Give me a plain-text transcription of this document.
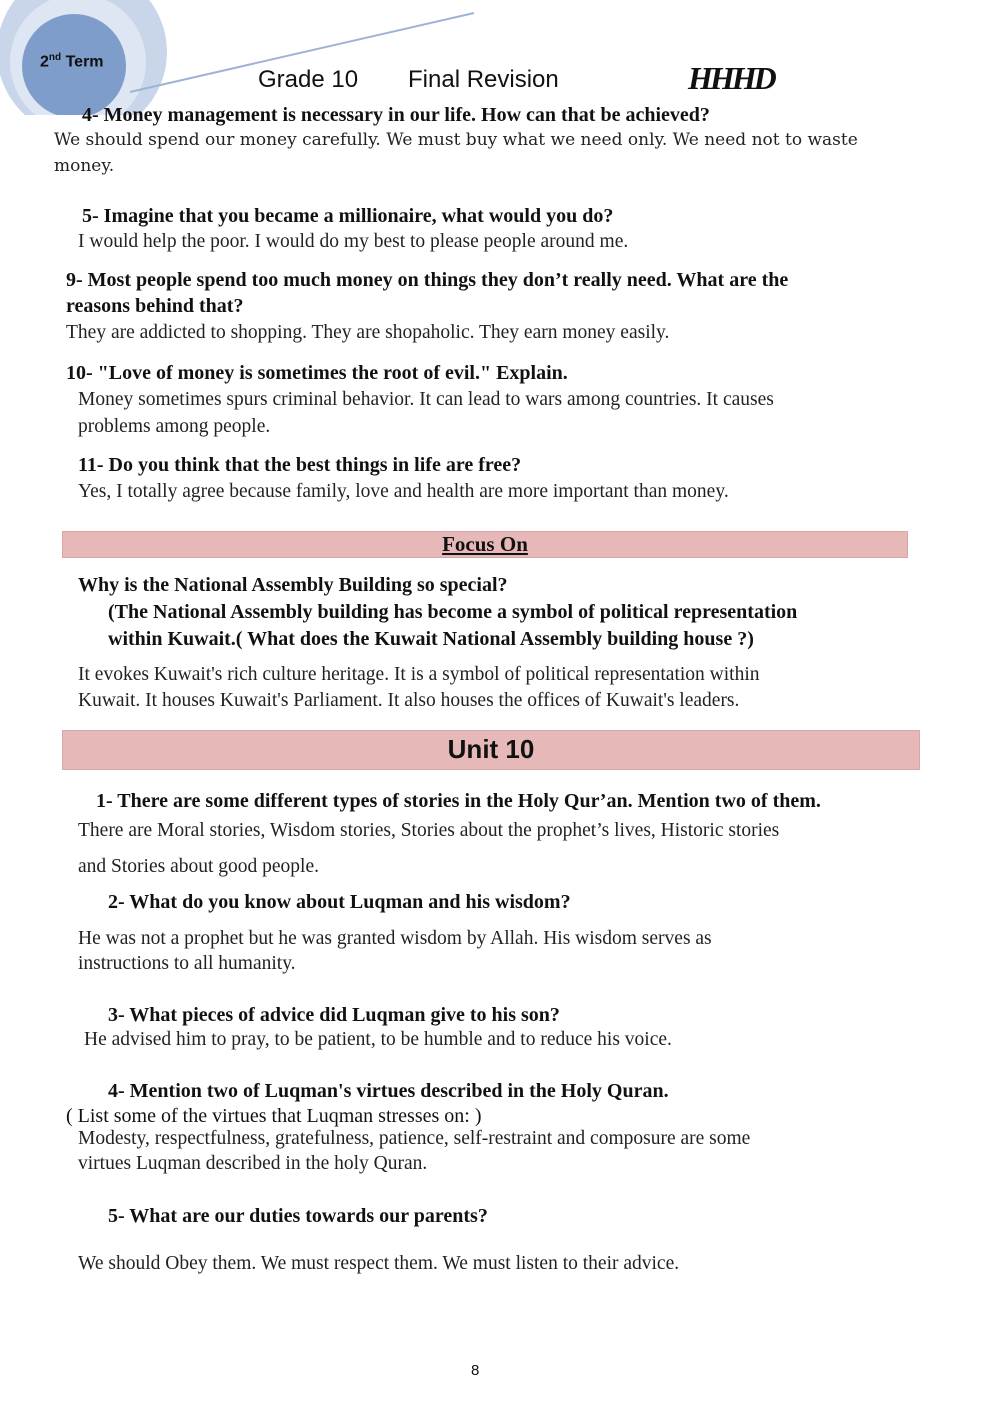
2nd Term
Grade 10 Final Revision	HHHD
4- Money management is necessary in our life. How can that be achieved?
We should spend our money carefully. We must buy what we need only. We need not to waste
money.
5- Imagine that you became a millionaire, what would you do?
I would help the poor. I would do my best to please people around me.
9- Most people spend too much money on things they don’t really need. What are the
reasons behind that?
They are addicted to shopping. They are shopaholic. They earn money easily.
10- "Love of money is sometimes the root of evil." Explain.
Money sometimes spurs criminal behavior. It can lead to wars among countries. It causes
problems among people.
11- Do you think that the best things in life are free?
Yes, I totally agree because family, love and health are more important than money.
Focus On
Why is the National Assembly Building so special?
(The National Assembly building has become a symbol of political representation
within Kuwait.( What does the Kuwait National Assembly building house ?)
It evokes Kuwait's rich culture heritage. It is a symbol of political representation within
Kuwait. It houses Kuwait's Parliament. It also houses the offices of Kuwait's leaders.
Unit 10
1- There are some different types of stories in the Holy Qur’an. Mention two of them.
There are Moral stories, Wisdom stories, Stories about the prophet’s lives, Historic stories
and Stories about good people.
2- What do you know about Luqman and his wisdom?
He was not a prophet but he was granted wisdom by Allah. His wisdom serves as
instructions to all humanity.
3- What pieces of advice did Luqman give to his son?
He advised him to pray, to be patient, to be humble and to reduce his voice.
4- Mention two of Luqman's virtues described in the Holy Quran.
( List some of the virtues that Luqman stresses on: )
Modesty, respectfulness, gratefulness, patience, self-restraint and composure are some
virtues Luqman described in the holy Quran.
5- What are our duties towards our parents?
We should Obey them. We must respect them. We must listen to their advice.
8
